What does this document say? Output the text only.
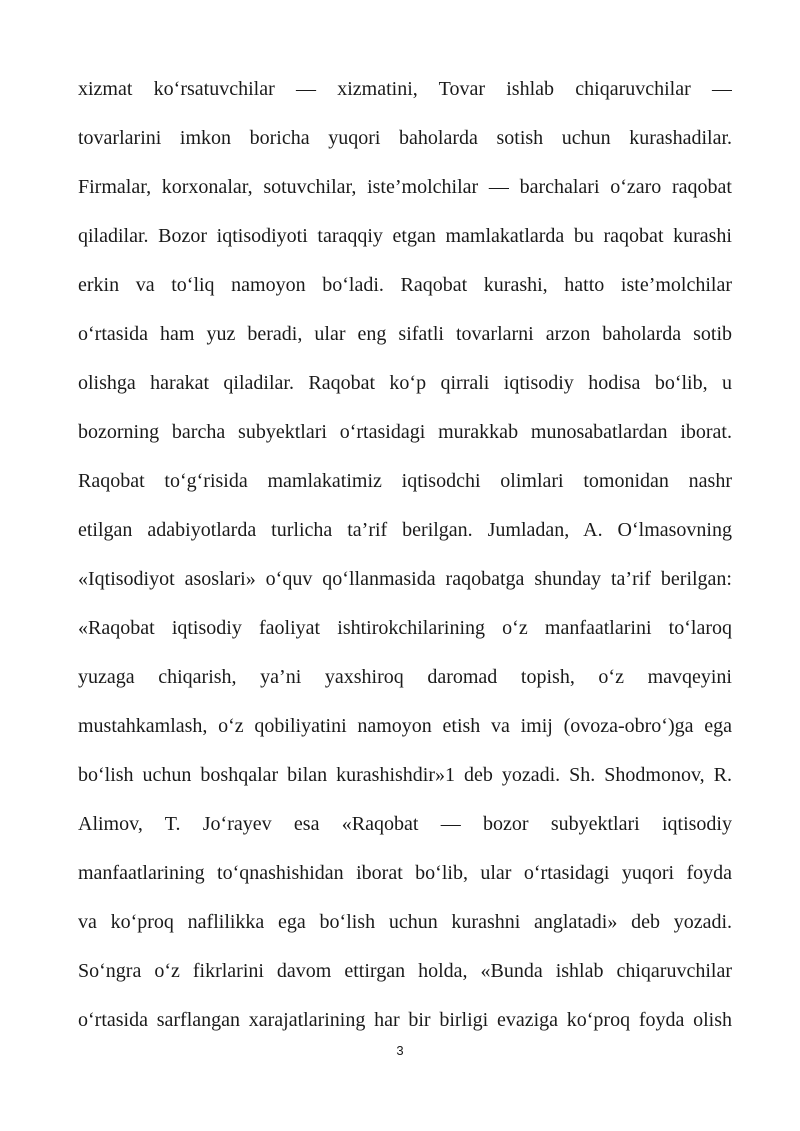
xizmat ko‘rsatuvchilar — xizmatini, Tovar ishlab chiqaruvchilar —
tovarlarini imkon boricha yuqori baholarda sotish uchun kurashadilar.
Firmalar, korxonalar, sotuvchilar, iste’molchilar — barchalari o‘zaro raqobat
qiladilar. Bozor iqtisodiyoti taraqqiy etgan mamlakatlarda bu raqobat kurashi
erkin va to‘liq namoyon bo‘ladi. Raqobat kurashi, hatto iste’molchilar
o‘rtasida ham yuz beradi, ular eng sifatli tovarlarni arzon baholarda sotib
olishga harakat qiladilar. Raqobat ko‘p qirrali iqtisodiy hodisa bo‘lib, u
bozorning barcha subyektlari o‘rtasidagi murakkab munosabatlardan iborat.
Raqobat to‘g‘risida mamlakatimiz iqtisodchi olimlari tomonidan nashr
etilgan adabiyotlarda turlicha ta’rif berilgan. Jumladan, A. O‘lmasovning
«Iqtisodiyot asoslari» o‘quv qo‘llanmasida raqobatga shunday ta’rif berilgan:
«Raqobat iqtisodiy faoliyat ishtirokchilarining o‘z manfaatlarini to‘laroq
yuzaga chiqarish, ya’ni yaxshiroq daromad topish, o‘z mavqeyini
mustahkamlash, o‘z qobiliyatini namoyon etish va imij (ovoza-obro‘)ga ega
bo‘lish uchun boshqalar bilan kurashishdir»1 deb yozadi. Sh. Shodmonov, R.
Alimov, T. Jo‘rayev esa «Raqobat — bozor subyektlari iqtisodiy
manfaatlarining to‘qnashishidan iborat bo‘lib, ular o‘rtasidagi yuqori foyda
va ko‘proq naflilikka ega bo‘lish uchun kurashni anglatadi» deb yozadi.
So‘ngra o‘z fikrlarini davom ettirgan holda, «Bunda ishlab chiqaruvchilar
o‘rtasida sarflangan xarajatlarining har bir birligi evaziga ko‘proq foyda olish
3
